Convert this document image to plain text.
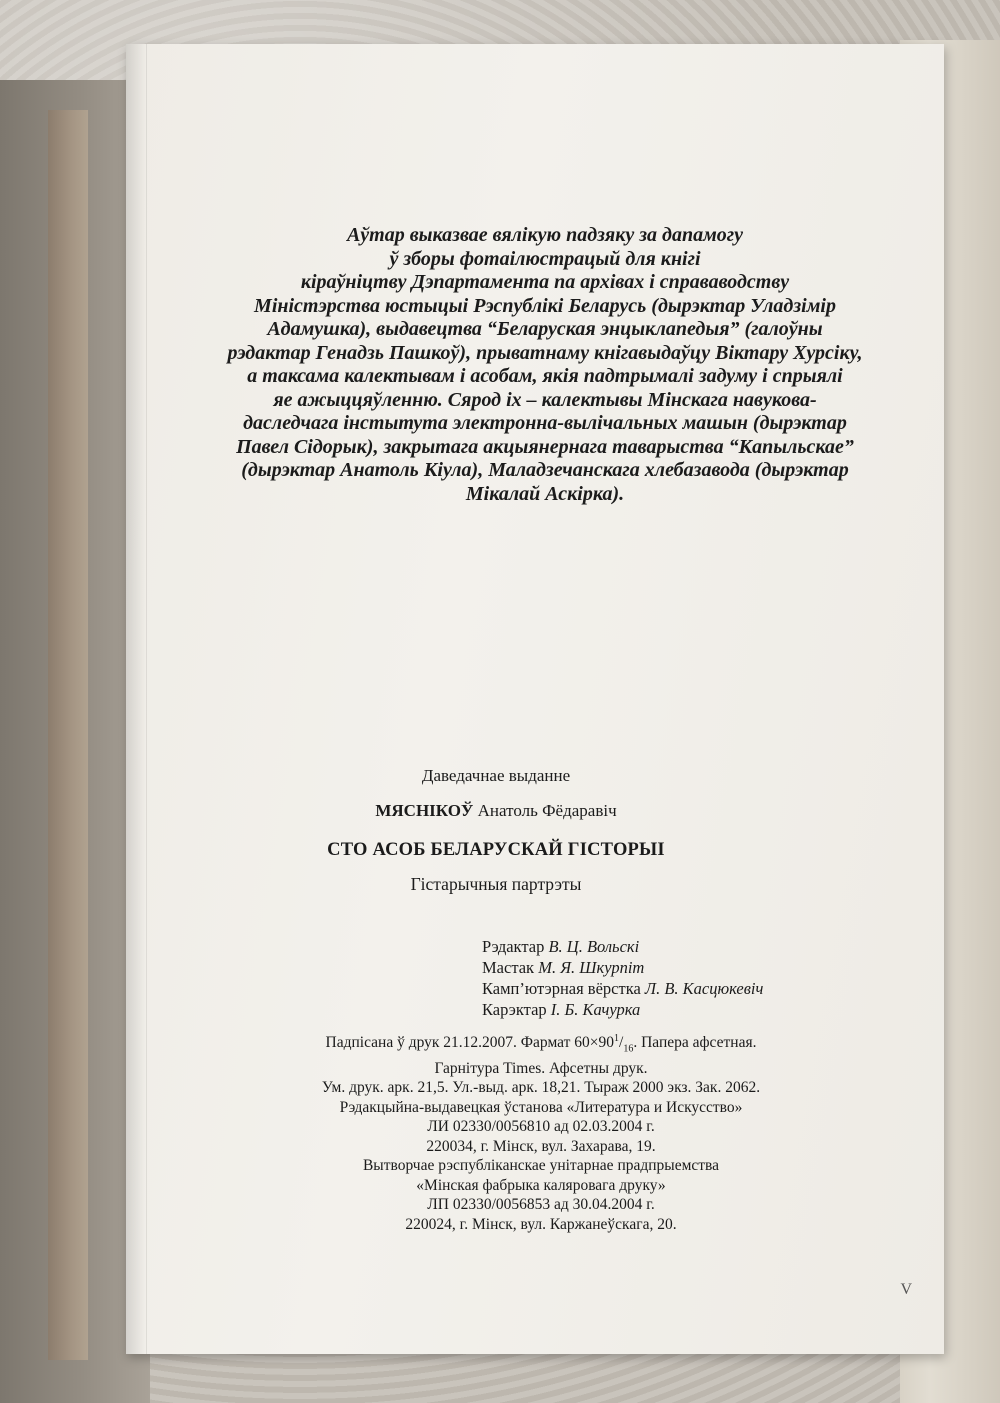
Аўтар выказвае вялікую падзяку за дапамогу
ў зборы фотаілюстрацый для кнігі
кіраўніцтву Дэпартамента па архівах і справаводству
Міністэрства юстыцыі Рэспублікі Беларусь (дырэктар Уладзімір
Адамушка), выдавецтва “Беларуская энцыклапедыя” (галоўны
рэдактар Генадзь Пашкоў), прыватнаму кнігавыдаўцу Віктару Хурсіку,
а таксама калектывам і асобам, якія падтрымалі задуму і спрыялі
яе ажыццяўленню. Сярод іх – калектывы Мінскага навукова-
даследчага інстытута электронна-вылічальных машын (дырэктар
Павел Сідорык), закрытага акцыянернага таварыства “Капыльскае”
(дырэктар Анатоль Кіула), Маладзечанскага хлебазавода (дырэктар
Мікалай Аскірка).
Даведачнае выданне
МЯСНІКОЎ Анатоль Фёдаравіч
СТО АСОБ БЕЛАРУСКАЙ ГІСТОРЫІ
Гістарычныя партрэты
Рэдактар В. Ц. Вольскі
Мастак М. Я. Шкурпіт
Камп’ютэрная вёрстка Л. В. Касцюкевіч
Карэктар І. Б. Качурка
Падпісана ў друк 21.12.2007. Фармат $60\times 90^1/_{16}$. Папера афсетная.
Гарнітура Times. Афсетны друк.
Ум. друк. арк. 21,5. Ул.-выд. арк. 18,21. Тыраж 2000 экз. Зак. 2062.
Рэдакцыйна-выдавецкая ўстанова «Литература и Искусство»
ЛИ 02330/0056810 ад 02.03.2004 г.
220034, г. Мінск, вул. Захарава, 19.
Вытворчае рэспубліканскае унітарнае прадпрыемства
«Мінская фабрыка каляровага друку»
ЛП 02330/0056853 ад 30.04.2004 г.
220024, г. Мінск, вул. Каржанеўскага, 20.
V
